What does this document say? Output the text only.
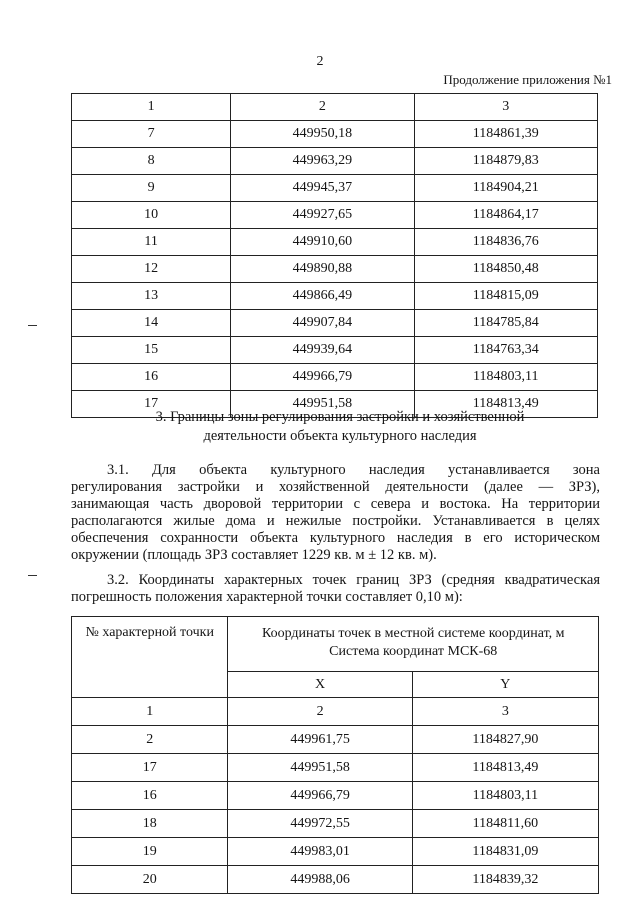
2
Продолжение приложения №1
1	2	3
7	449950,18	1184861,39
8	449963,29	1184879,83
9	449945,37	1184904,21
10	449927,65	1184864,17
11	449910,60	1184836,76
12	449890,88	1184850,48
13	449866,49	1184815,09
14	449907,84	1184785,84
15	449939,64	1184763,34
16	449966,79	1184803,11
17	449951,58	1184813,49
3. Границы зоны регулирования застройки и хозяйственной
деятельности объекта культурного наследия

3.1. Для объекта культурного наследия устанавливается зона
регулирования застройки и хозяйственной деятельности (далее — ЗРЗ),
занимающая часть дворовой территории с севера и востока. На территории
располагаются жилые дома и нежилые постройки. Устанавливается в целях
обеспечения сохранности объекта культурного наследия в его историческом
окружении (площадь ЗРЗ составляет 1229 кв. м ± 12 кв. м).

3.2. Координаты характерных точек границ ЗРЗ (средняя квадратическая
погрешность положения характерной точки составляет 0,10 м):

№ характерной точки	Координаты точек в местной системе координат, м
Система координат МСК-68	

	X	Y
1	2	3
2	449961,75	1184827,90
17	449951,58	1184813,49
16	449966,79	1184803,11
18	449972,55	1184811,60
19	449983,01	1184831,09
20	449988,06	1184839,32
